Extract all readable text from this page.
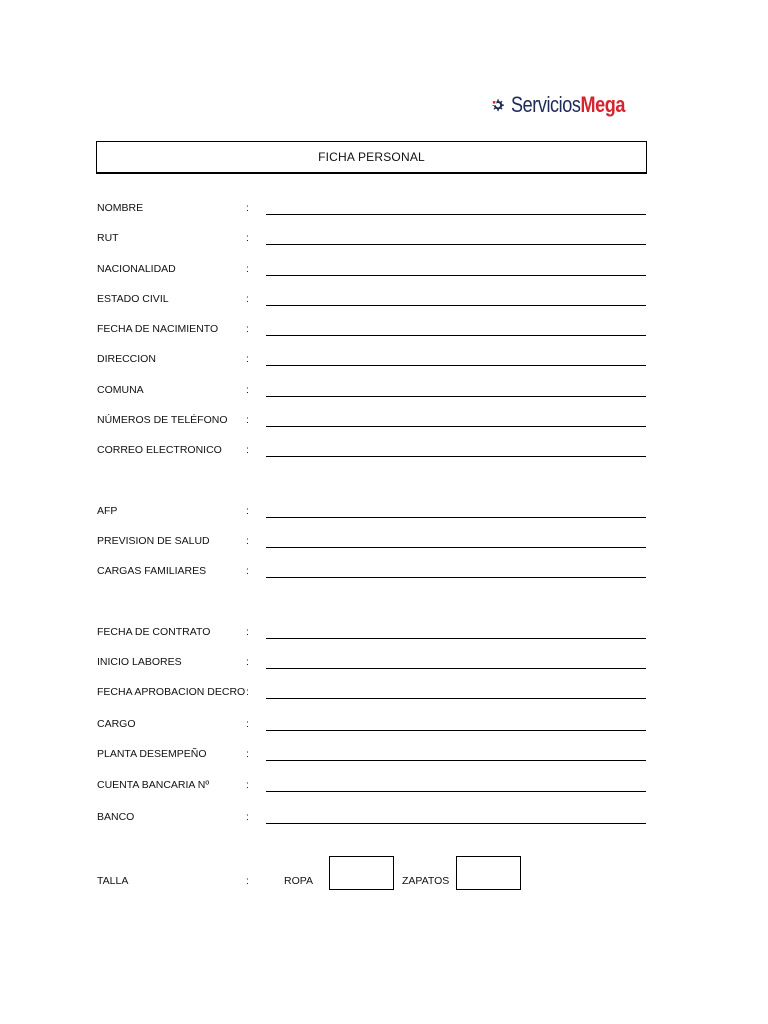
ServiciosMega
FICHA PERSONAL
NOMBRE	:
RUT	:
NACIONALIDAD	:
ESTADO CIVIL	:
FECHA DE NACIMIENTO	:
DIRECCION	:
COMUNA	:
NÚMEROS DE TELÉFONO :
CORREO ELECTRONICO :
AFP	:
PREVISION DE SALUD	:
CARGAS FAMILIARES	:
FECHA DE CONTRATO	:
INICIO LABORES	:
FECHA APROBACION DECRO :
CARGO	:
PLANTA DESEMPEÑO	:
CUENTA BANCARIA Nº	:
BANCO	:
TALLA	:	ROPA	ZAPATOS
